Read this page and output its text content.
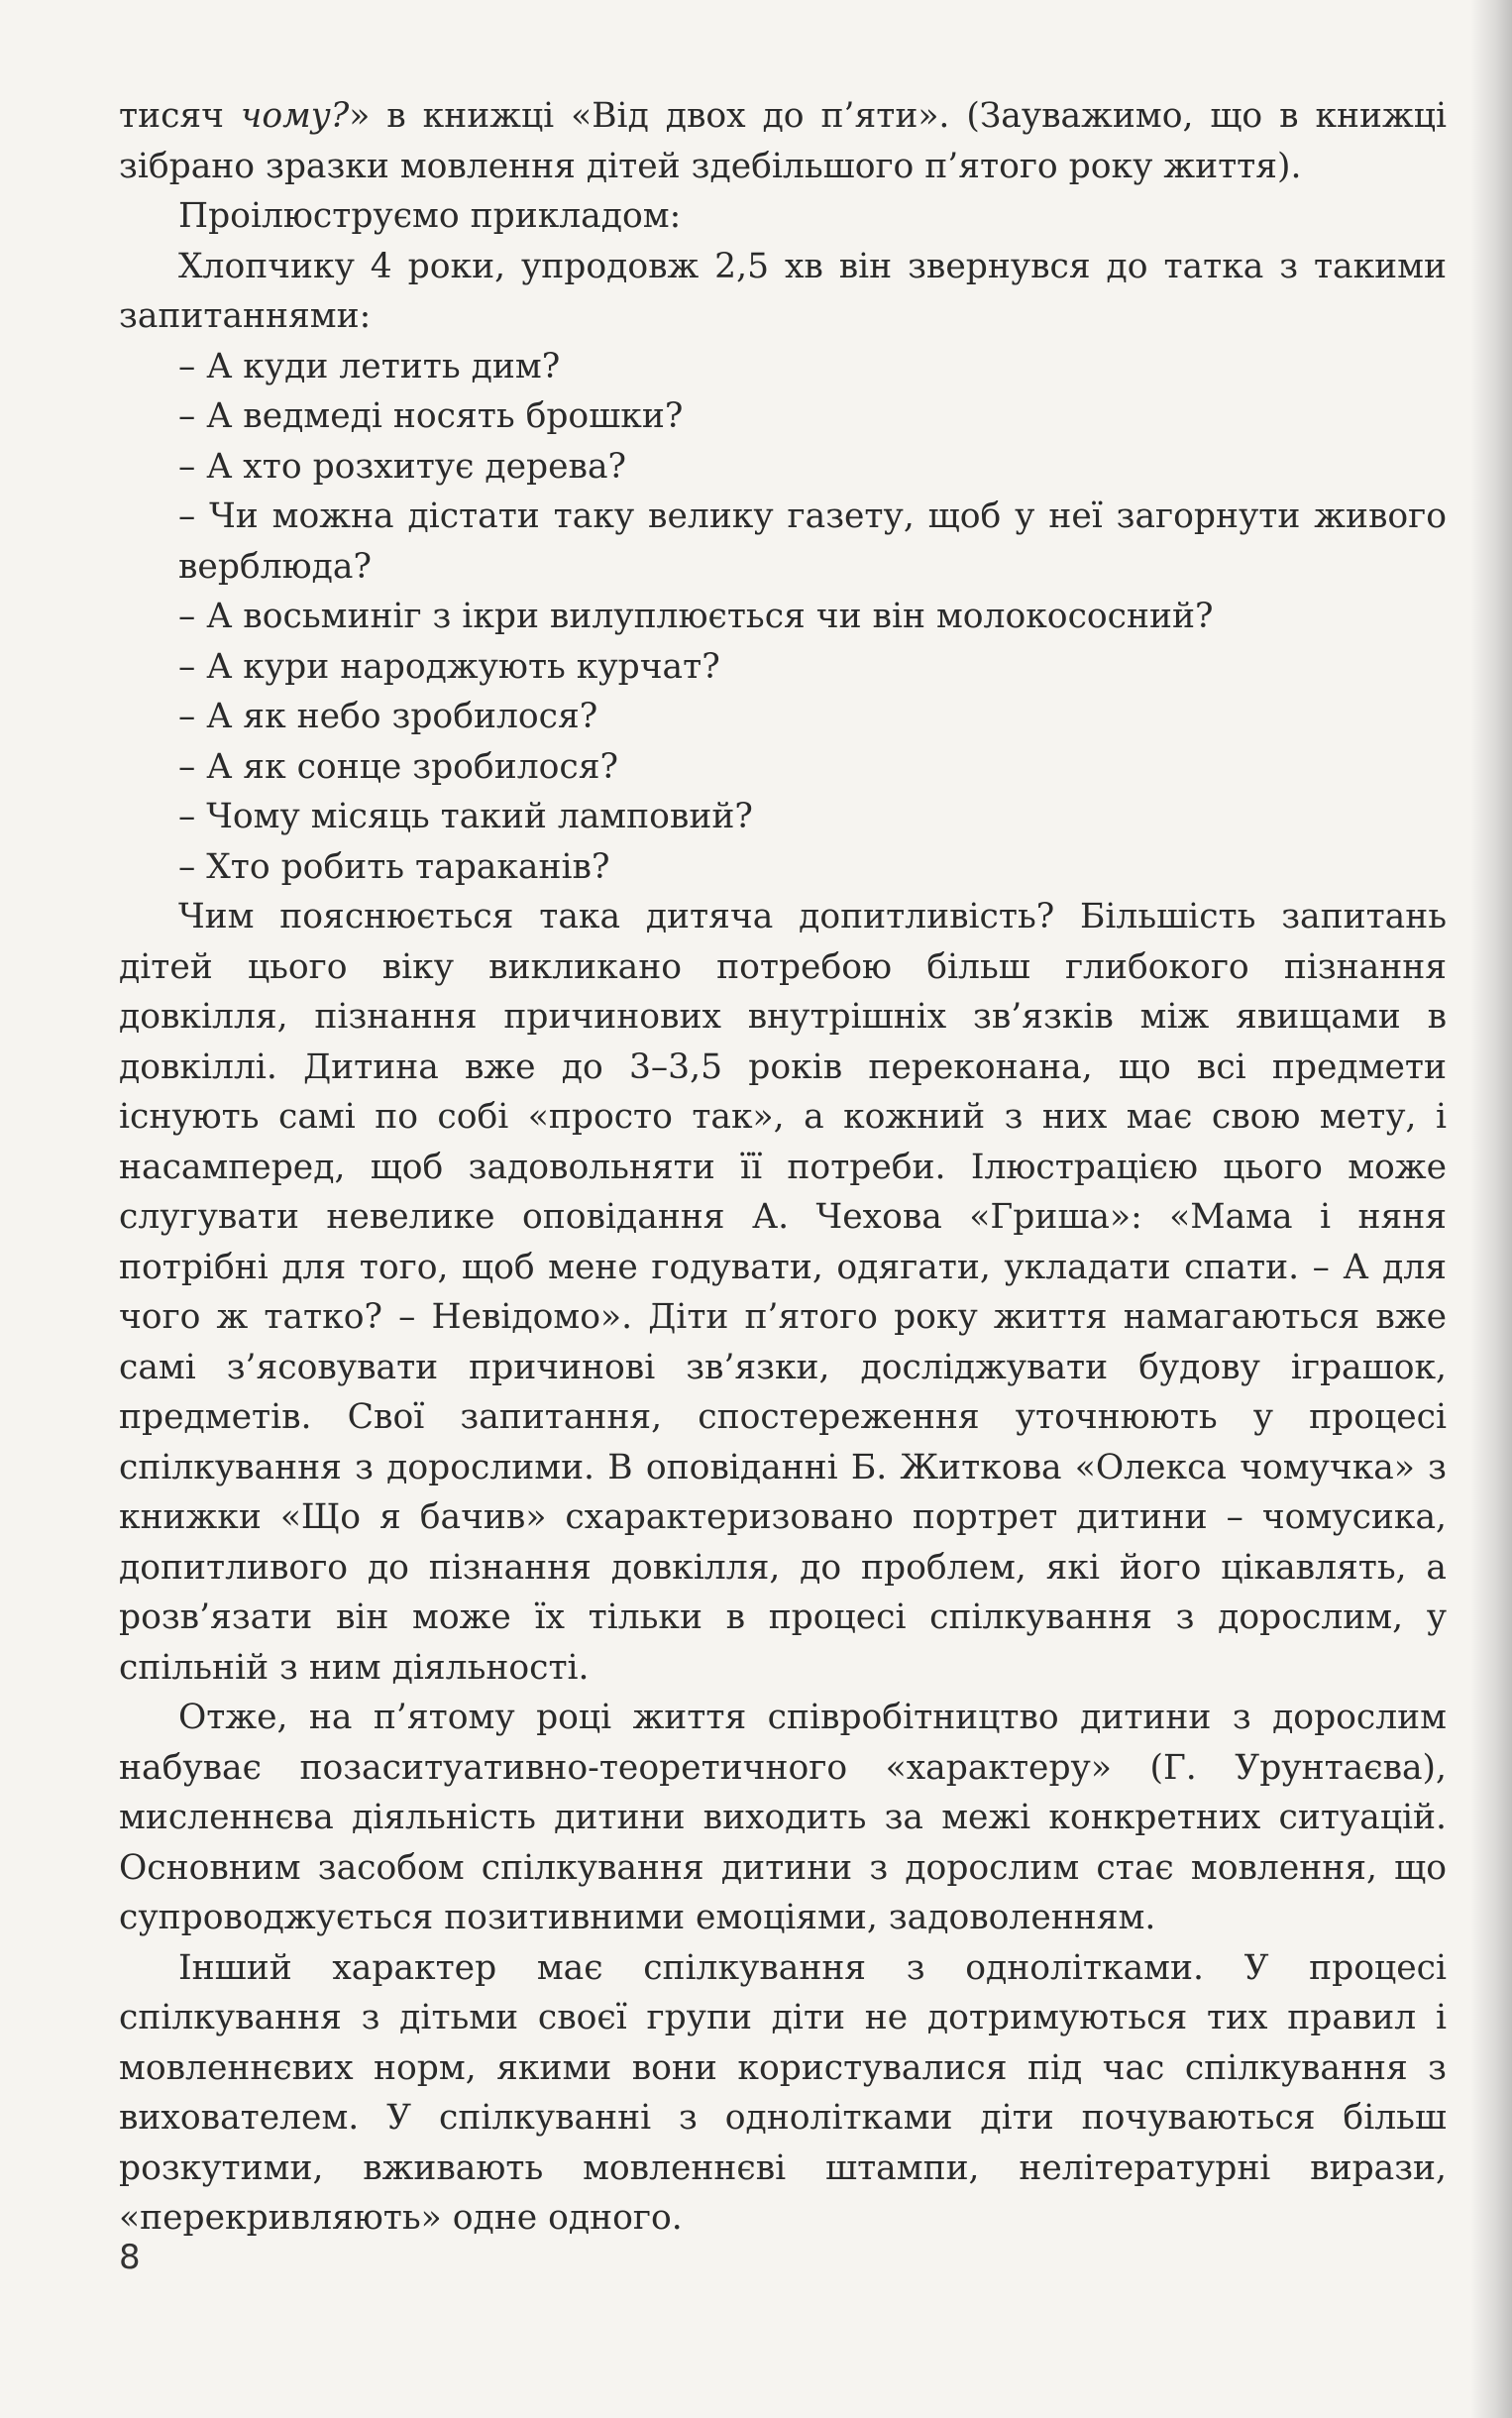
тисяч чому?» в книжці «Від двох до п’яти». (Зауважимо, що в книжці зібрано зразки мовлення дітей здебільшого п’ятого року життя).

Проілюструємо прикладом:

Хлопчику 4 роки, упродовж 2,5 хв він звернувся до татка з такими запитаннями:

– А куди летить дим?

– А ведмеді носять брошки?

– А хто розхитує дерева?

– Чи можна дістати таку велику газету, щоб у неї загорнути живого верблюда?

– А восьминіг з ікри вилуплюється чи він молокососний?

– А кури народжують курчат?

– А як небо зробилося?

– А як сонце зробилося?

– Чому місяць такий ламповий?

– Хто робить тараканів?

Чим пояснюється така дитяча допитливість? Більшість запитань дітей цього віку викликано потребою більш глибокого пізнання довкілля, пізнання причинових внутрішніх зв’язків між явищами в довкіллі. Дитина вже до 3–3,5 років переконана, що всі предмети існують самі по собі «просто так», а кожний з них має свою мету, і насамперед, щоб задовольняти її потреби. Ілюстрацією цього може слугувати невелике оповідання А. Чехова «Гриша»: «Мама і няня потрібні для того, щоб мене годувати, одягати, укладати спати. – А для чого ж татко? – Невідомо». Діти п’ятого року життя намагаються вже самі з’ясовувати причинові зв’язки, досліджувати будову іграшок, предметів. Свої запитання, спостереження уточнюють у процесі спілкування з дорослими. В оповіданні Б. Житкова «Олекса чомучка» з книжки «Що я бачив» схарактеризовано портрет дитини – чомусика, допитливого до пізнання довкілля, до проблем, які його цікавлять, а розв’язати він може їх тільки в процесі спілкування з дорослим, у спільній з ним діяльності.

Отже, на п’ятому році життя співробітництво дитини з дорослим набуває позаситуативно-теоретичного «характеру» (Г. Урунтаєва), мисленнєва діяльність дитини виходить за межі конкретних ситуацій. Основним засобом спілкування дитини з дорослим стає мовлення, що супроводжується позитивними емоціями, задоволенням.

Інший характер має спілкування з однолітками. У процесі спілкування з дітьми своєї групи діти не дотримуються тих правил і мовленнєвих норм, якими вони користувалися під час спілкування з вихователем. У спілкуванні з однолітками діти почуваються більш розкутими, вживають мовленнєві штампи, нелітературні вирази, «перекривляють» одне одного.

8
